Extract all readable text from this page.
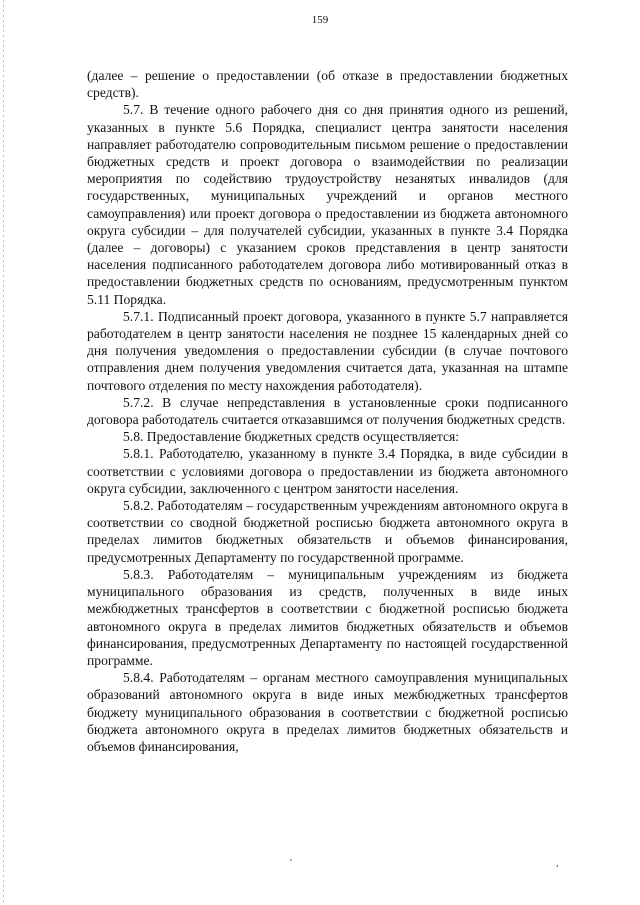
159

(далее – решение о предоставлении (об отказе в предоставлении бюджетных средств).

5.7. В течение одного рабочего дня со дня принятия одного из решений, указанных в пункте 5.6 Порядка, специалист центра занятости населения направляет работодателю сопроводительным письмом решение о предоставлении бюджетных средств и проект договора о взаимодействии по реализации мероприятия по содействию трудоустройству незанятых инвалидов (для государственных, муниципальных учреждений и органов местного самоуправления) или проект договора о предоставлении из бюджета автономного округа субсидии – для получателей субсидии, указанных в пункте 3.4 Порядка (далее – договоры) с указанием сроков представления в центр занятости населения подписанного работодателем договора либо мотивированный отказ в предоставлении бюджетных средств по основаниям, предусмотренным пунктом 5.11 Порядка.

5.7.1. Подписанный проект договора, указанного в пункте 5.7 направляется работодателем в центр занятости населения не позднее 15 календарных дней со дня получения уведомления о предоставлении субсидии (в случае почтового отправления днем получения уведомления считается дата, указанная на штампе почтового отделения по месту нахождения работодателя).

5.7.2. В случае непредставления в установленные сроки подписанного договора работодатель считается отказавшимся от получения бюджетных средств.

5.8. Предоставление бюджетных средств осуществляется:

5.8.1. Работодателю, указанному в пункте 3.4 Порядка, в виде субсидии в соответствии с условиями договора о предоставлении из бюджета автономного округа субсидии, заключенного с центром занятости населения.

5.8.2. Работодателям – государственным учреждениям автономного округа в соответствии со сводной бюджетной росписью бюджета автономного округа в пределах лимитов бюджетных обязательств и объемов финансирования, предусмотренных Департаменту по государственной программе.

5.8.3. Работодателям – муниципальным учреждениям из бюджета муниципального образования из средств, полученных в виде иных межбюджетных трансфертов в соответствии с бюджетной росписью бюджета автономного округа в пределах лимитов бюджетных обязательств и объемов финансирования, предусмотренных Департаменту по настоящей государственной программе.

5.8.4. Работодателям – органам местного самоуправления муниципальных образований автономного округа в виде иных межбюджетных трансфертов бюджету муниципального образования в соответствии с бюджетной росписью бюджета автономного округа в пределах лимитов бюджетных обязательств и объемов финансирования,

'	,
